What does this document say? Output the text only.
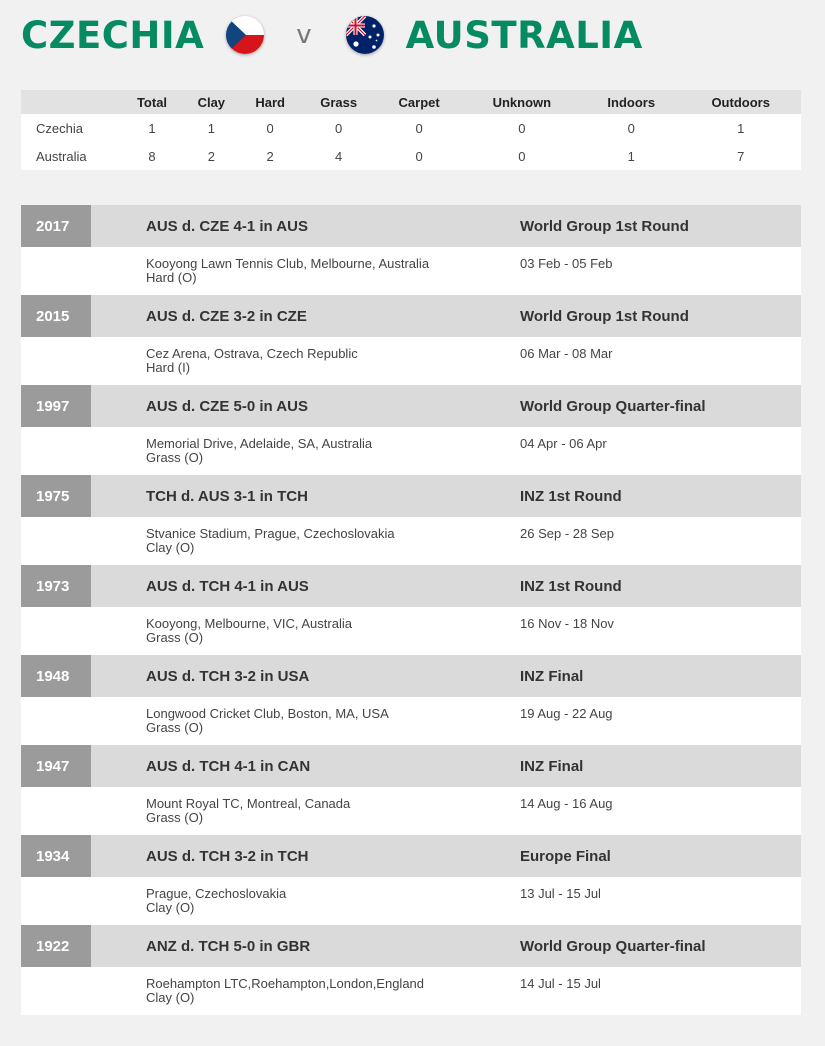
CZECHIA	v	AUSTRALIA
	Total	Clay	Hard	Grass	Carpet	Unknown	Indoors	Outdoors
Czechia	1	1	0	0	0	0	0	1
Australia	8	2	2	4	0	0	1	7
2017	AUS d. CZE 4-1 in AUS	World Group 1st Round
Kooyong Lawn Tennis Club, Melbourne, Australia
Hard (O)
03 Feb - 05 Feb
2015	AUS d. CZE 3-2 in CZE	World Group 1st Round
Cez Arena, Ostrava, Czech Republic
Hard (I)
06 Mar - 08 Mar
1997	AUS d. CZE 5-0 in AUS	World Group Quarter-final
Memorial Drive, Adelaide, SA, Australia
Grass (O)
04 Apr - 06 Apr
1975	TCH d. AUS 3-1 in TCH	INZ 1st Round
Stvanice Stadium, Prague, Czechoslovakia
Clay (O)
26 Sep - 28 Sep
1973	AUS d. TCH 4-1 in AUS	INZ 1st Round
Kooyong, Melbourne, VIC, Australia
Grass (O)
16 Nov - 18 Nov
1948	AUS d. TCH 3-2 in USA	INZ Final
Longwood Cricket Club, Boston, MA, USA
Grass (O)
19 Aug - 22 Aug
1947	AUS d. TCH 4-1 in CAN	INZ Final
Mount Royal TC, Montreal, Canada
Grass (O)
14 Aug - 16 Aug
1934	AUS d. TCH 3-2 in TCH	Europe Final
Prague, Czechoslovakia
Clay (O)
13 Jul - 15 Jul
1922	ANZ d. TCH 5-0 in GBR	World Group Quarter-final
Roehampton LTC,Roehampton,London,England
Clay (O)
14 Jul - 15 Jul
